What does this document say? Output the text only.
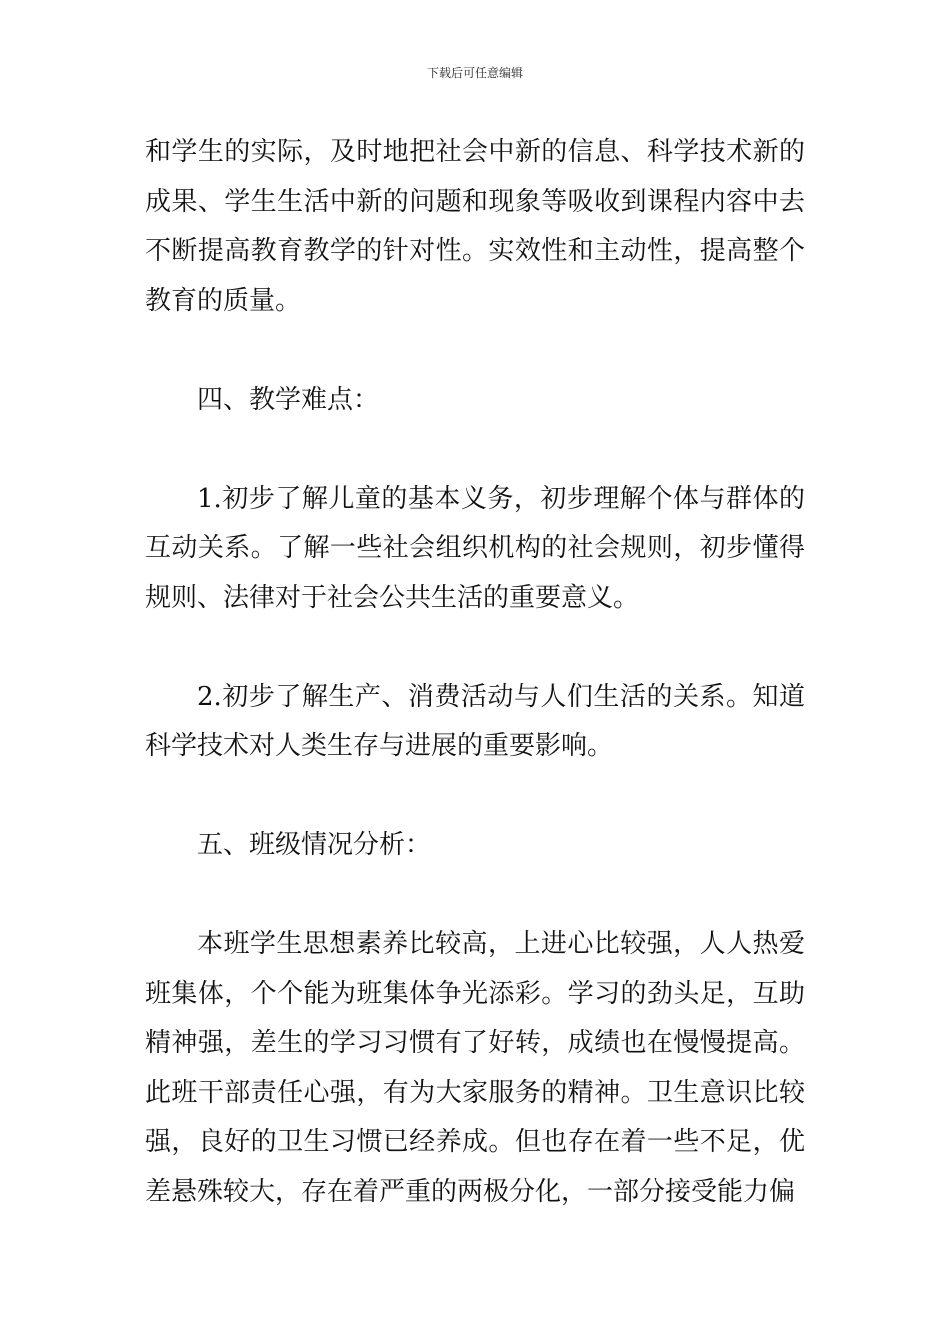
下载后可任意编辑

和学生的实际，及时地把社会中新的信息、科学技术新的成果、学生生活中新的问题和现象等吸收到课程内容中去不断提高教育教学的针对性。实效性和主动性，提高整个教育的质量。

四、教学难点：

1.初步了解儿童的基本义务，初步理解个体与群体的互动关系。了解一些社会组织机构的社会规则，初步懂得规则、法律对于社会公共生活的重要意义。

2.初步了解生产、消费活动与人们生活的关系。知道科学技术对人类生存与进展的重要影响。

五、班级情况分析：

本班学生思想素养比较高，上进心比较强，人人热爱班集体，个个能为班集体争光添彩。学习的劲头足，互助精神强，差生的学习习惯有了好转，成绩也在慢慢提高。此班干部责任心强，有为大家服务的精神。卫生意识比较强，良好的卫生习惯已经养成。但也存在着一些不足，优差悬殊较大，存在着严重的两极分化，一部分接受能力偏
